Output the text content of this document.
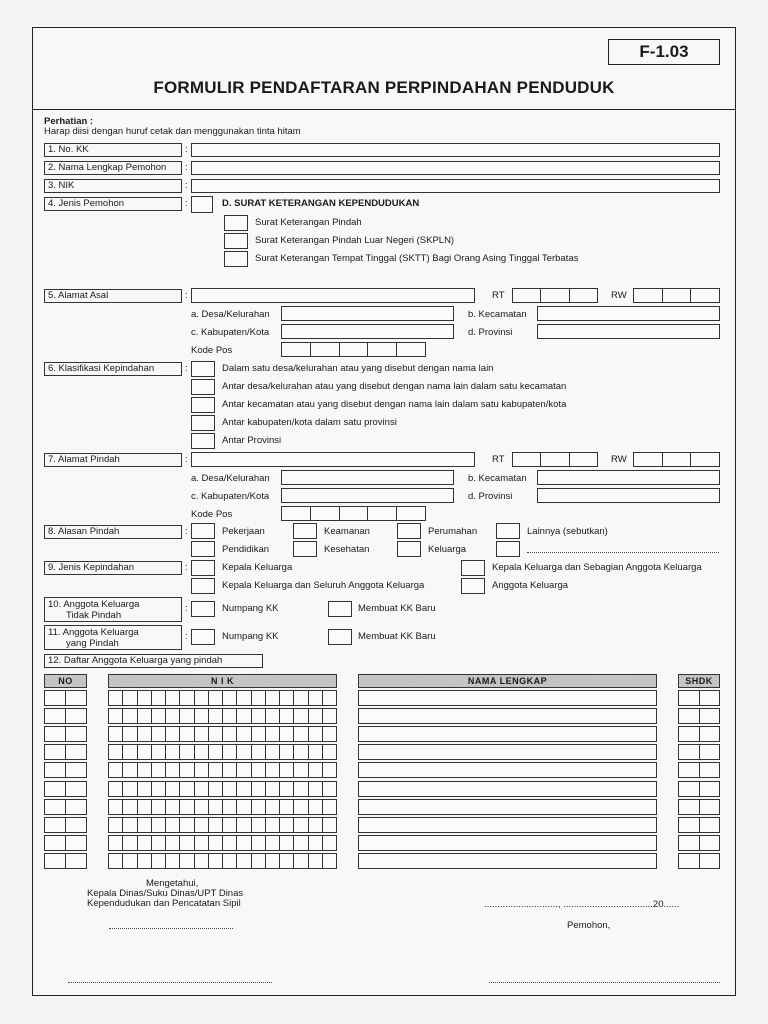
F-1.03
FORMULIR PENDAFTARAN PERPINDAHAN PENDUDUK
Perhatian :
Harap diisi dengan huruf cetak dan menggunakan tinta hitam
1. No. KK	:
2. Nama Lengkap Pemohon	:
3. NIK	:
4. Jenis Pemohon	:	D. SURAT KETERANGAN KEPENDUDUKAN
Surat Keterangan Pindah
Surat Keterangan Pindah Luar Negeri (SKPLN)
Surat Keterangan Tempat Tinggal (SKTT) Bagi Orang Asing Tinggal Terbatas
5. Alamat Asal	:	RT	RW
a. Desa/Kelurahan	b. Kecamatan
c. Kabupaten/Kota	d. Provinsi
Kode Pos
6. Klasifikasi Kepindahan	:	Dalam satu desa/kelurahan atau yang disebut dengan nama lain
Antar desa/kelurahan atau yang disebut dengan nama lain dalam satu kecamatan
Antar kecamatan atau yang disebut dengan nama lain dalam satu kabupaten/kota
Antar kabupaten/kota dalam satu provinsi
Antar Provinsi
7. Alamat Pindah	:	RT	RW
a. Desa/Kelurahan	b. Kecamatan
c. Kabupaten/Kota	d. Provinsi
Kode Pos
8. Alasan Pindah	:	Pekerjaan	Keamanan	Perumahan	Lainnya (sebutkan)
Pendidikan	Kesehatan	Keluarga
9. Jenis Kepindahan	:	Kepala Keluarga	Kepala Keluarga dan Sebagian Anggota Keluarga
Kepala Keluarga dan Seluruh Anggota Keluarga	Anggota Keluarga
10. Anggota Keluarga
Tidak Pindah
:	Numpang KK	Membuat KK Baru
11. Anggota Keluarga
yang Pindah
:	Numpang KK	Membuat KK Baru
12. Daftar Anggota Keluarga yang pindah
NO	N I K	NAMA LENGKAP	SHDK
Mengetahui,
Kepala Dinas/Suku Dinas/UPT Dinas
Kependudukan dan Pencatatan Sipil	............................, ..................................20......
Pemohon,
